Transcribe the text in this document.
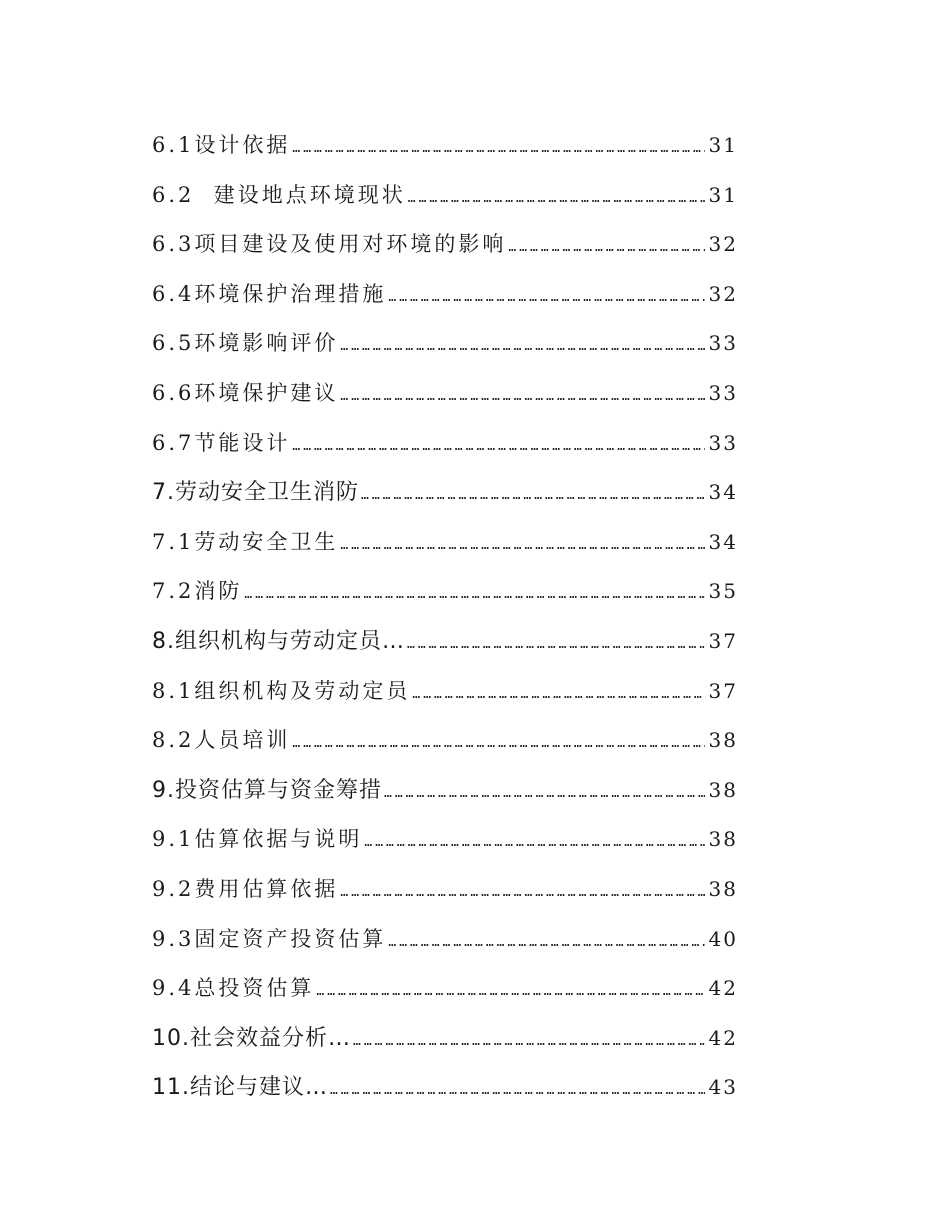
6.1设计依据 ………………………………………………………………………………………………………………………………………………………………………………	31
6.2  建设地点环境现状 ………………………………………………………………………………………………………………………………………………………………………………	31
6.3项目建设及使用对环境的影响 ………………………………………………………………………………………………………………………………………………………………………………	32
6.4环境保护治理措施 ………………………………………………………………………………………………………………………………………………………………………………	32
6.5环境影响评价 ………………………………………………………………………………………………………………………………………………………………………………	33
6.6环境保护建议 ………………………………………………………………………………………………………………………………………………………………………………	33
6.7节能设计 ………………………………………………………………………………………………………………………………………………………………………………	33
7.劳动安全卫生消防 ………………………………………………………………………………………………………………………………………………………………………………	34
7.1劳动安全卫生 ………………………………………………………………………………………………………………………………………………………………………………	34
7.2消防 ………………………………………………………………………………………………………………………………………………………………………………	35
8.组织机构与劳动定员… ………………………………………………………………………………………………………………………………………………………………………………	37
8.1组织机构及劳动定员 ………………………………………………………………………………………………………………………………………………………………………………	37
8.2人员培训 ………………………………………………………………………………………………………………………………………………………………………………	38
9.投资估算与资金筹措 ………………………………………………………………………………………………………………………………………………………………………………	38
9.1估算依据与说明 ………………………………………………………………………………………………………………………………………………………………………………	38
9.2费用估算依据 ………………………………………………………………………………………………………………………………………………………………………………	38
9.3固定资产投资估算 ………………………………………………………………………………………………………………………………………………………………………………	40
9.4总投资估算 ………………………………………………………………………………………………………………………………………………………………………………	42
10.社会效益分析… ………………………………………………………………………………………………………………………………………………………………………………	42
11.结论与建议… ………………………………………………………………………………………………………………………………………………………………………………	43
